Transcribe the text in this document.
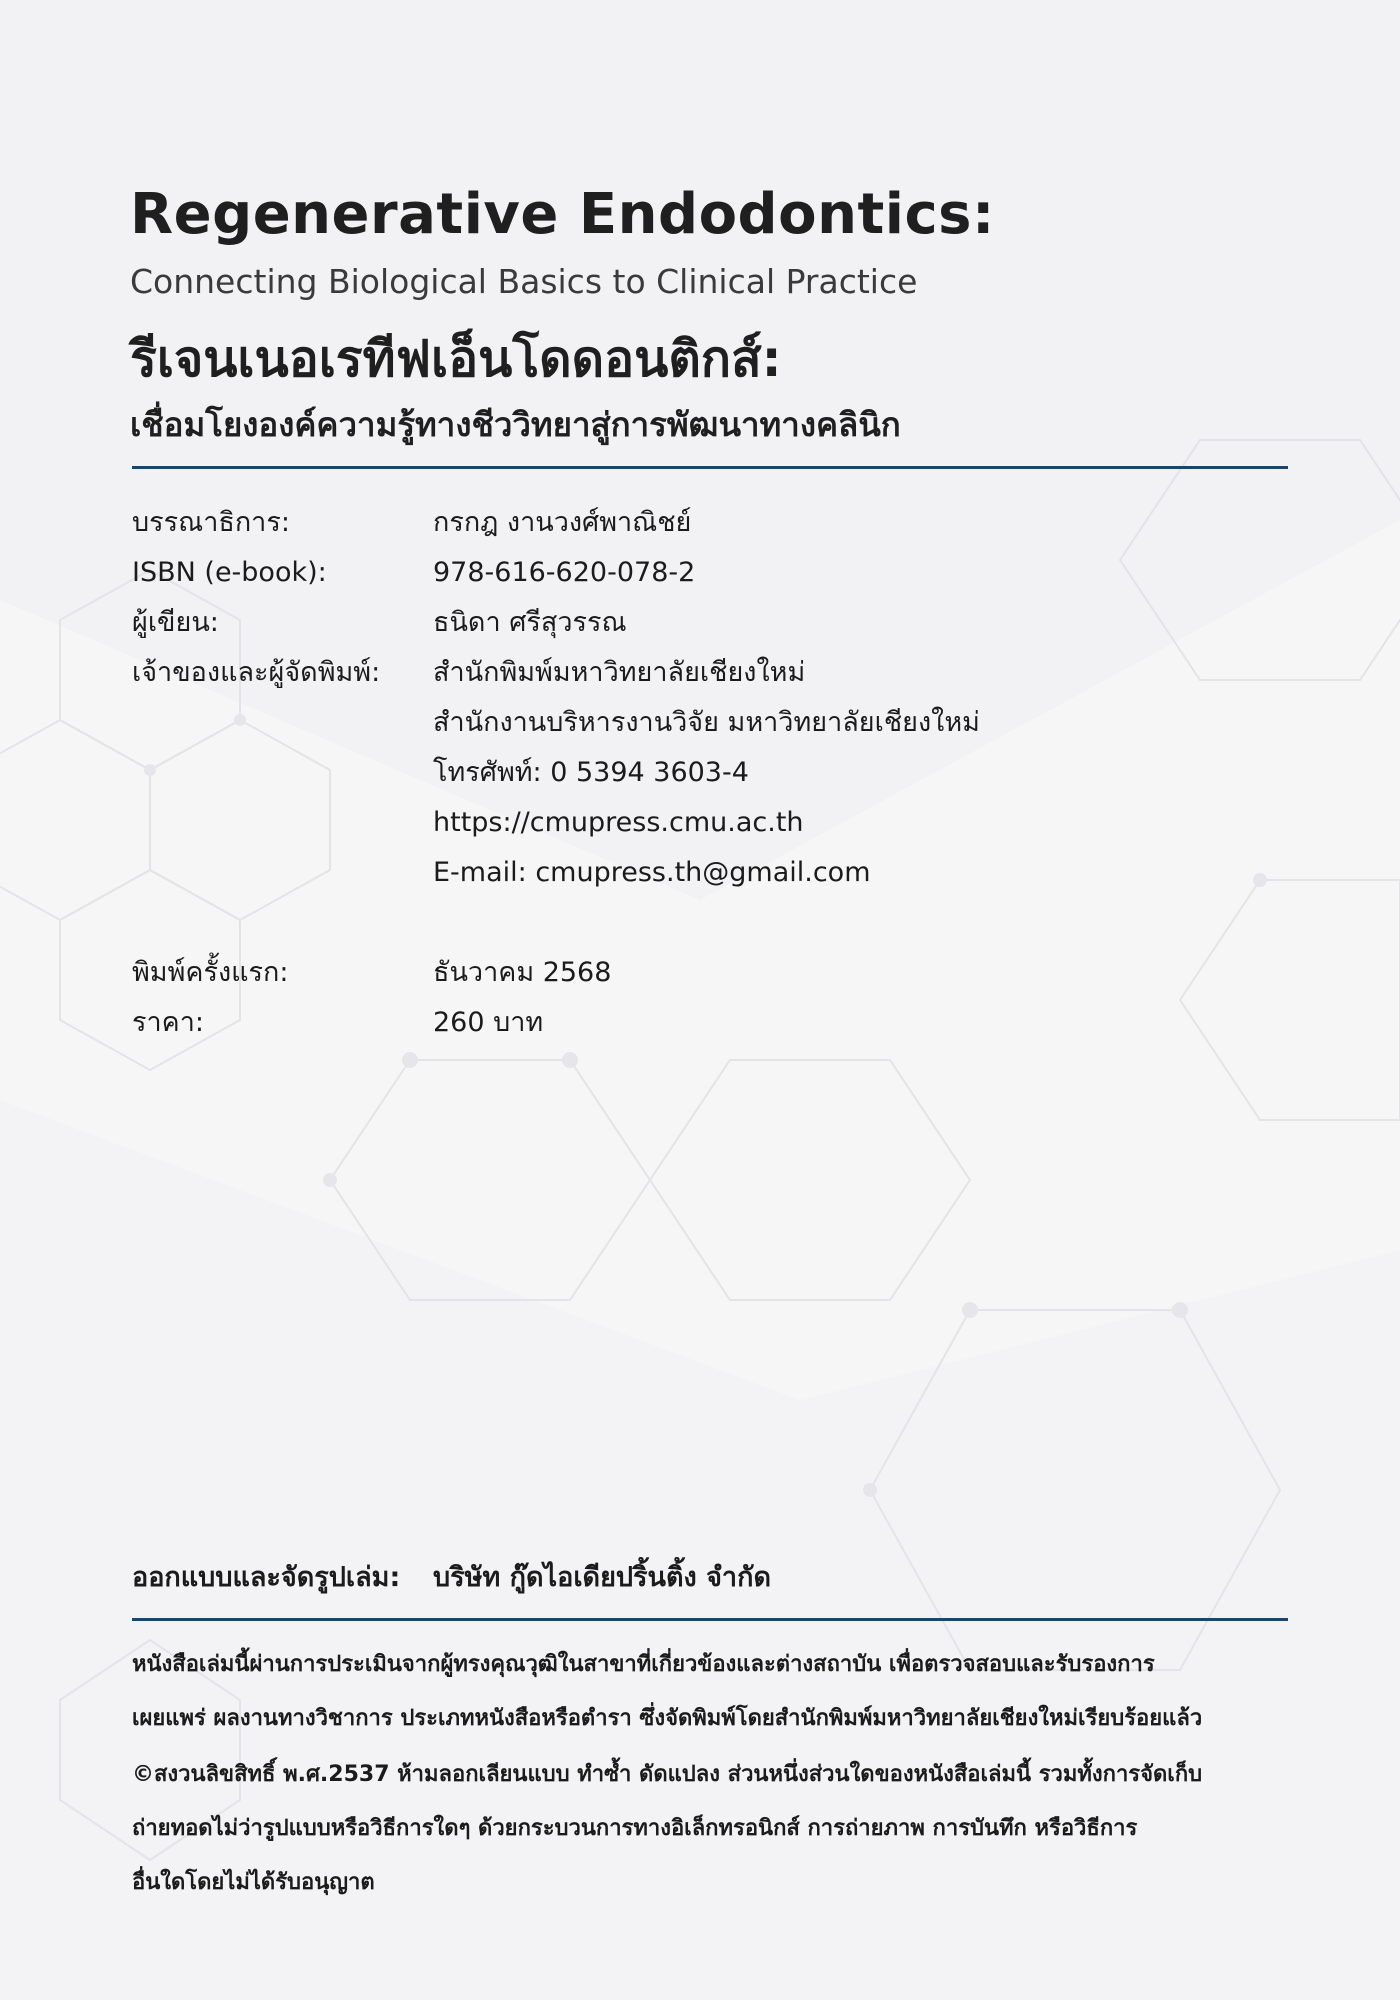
Regenerative Endodontics:
Connecting Biological Basics to Clinical Practice
รีเจนเนอเรทีฟเอ็นโดดอนติกส์:
เชื่อมโยงองค์ความรู้ทางชีววิทยาสู่การพัฒนาทางคลินิก
บรรณาธิการ:	กรกฎ งานวงศ์พาณิชย์
ISBN (e-book):	978-616-620-078-2
ผู้เขียน:	ธนิดา ศรีสุวรรณ
เจ้าของและผู้จัดพิมพ์: สำนักพิมพ์มหาวิทยาลัยเชียงใหม่
สำนักงานบริหารงานวิจัย มหาวิทยาลัยเชียงใหม่
โทรศัพท์: 0 5394 3603-4
https://cmupress.cmu.ac.th
E-mail: cmupress.th@gmail.com
พิมพ์ครั้งแรก:	ธันวาคม 2568
ราคา:	260 บาท
ออกแบบและจัดรูปเล่ม: บริษัท กู๊ดไอเดียปริ้นติ้ง จำกัด
หนังสือเล่มนี้ผ่านการประเมินจากผู้ทรงคุณวุฒิในสาขาที่เกี่ยวข้องและต่างสถาบัน เพื่อตรวจสอบและรับรองการ
เผยแพร่ ผลงานทางวิชาการ ประเภทหนังสือหรือตำรา ซึ่งจัดพิมพ์โดยสำนักพิมพ์มหาวิทยาลัยเชียงใหม่เรียบร้อยแล้ว
©สงวนลิขสิทธิ์ พ.ศ.2537 ห้ามลอกเลียนแบบ ทำซ้ำ ดัดแปลง ส่วนหนึ่งส่วนใดของหนังสือเล่มนี้ รวมทั้งการจัดเก็บ
ถ่ายทอดไม่ว่ารูปแบบหรือวิธีการใดๆ ด้วยกระบวนการทางอิเล็กทรอนิกส์ การถ่ายภาพ การบันทึก หรือวิธีการ
อื่นใดโดยไม่ได้รับอนุญาต
